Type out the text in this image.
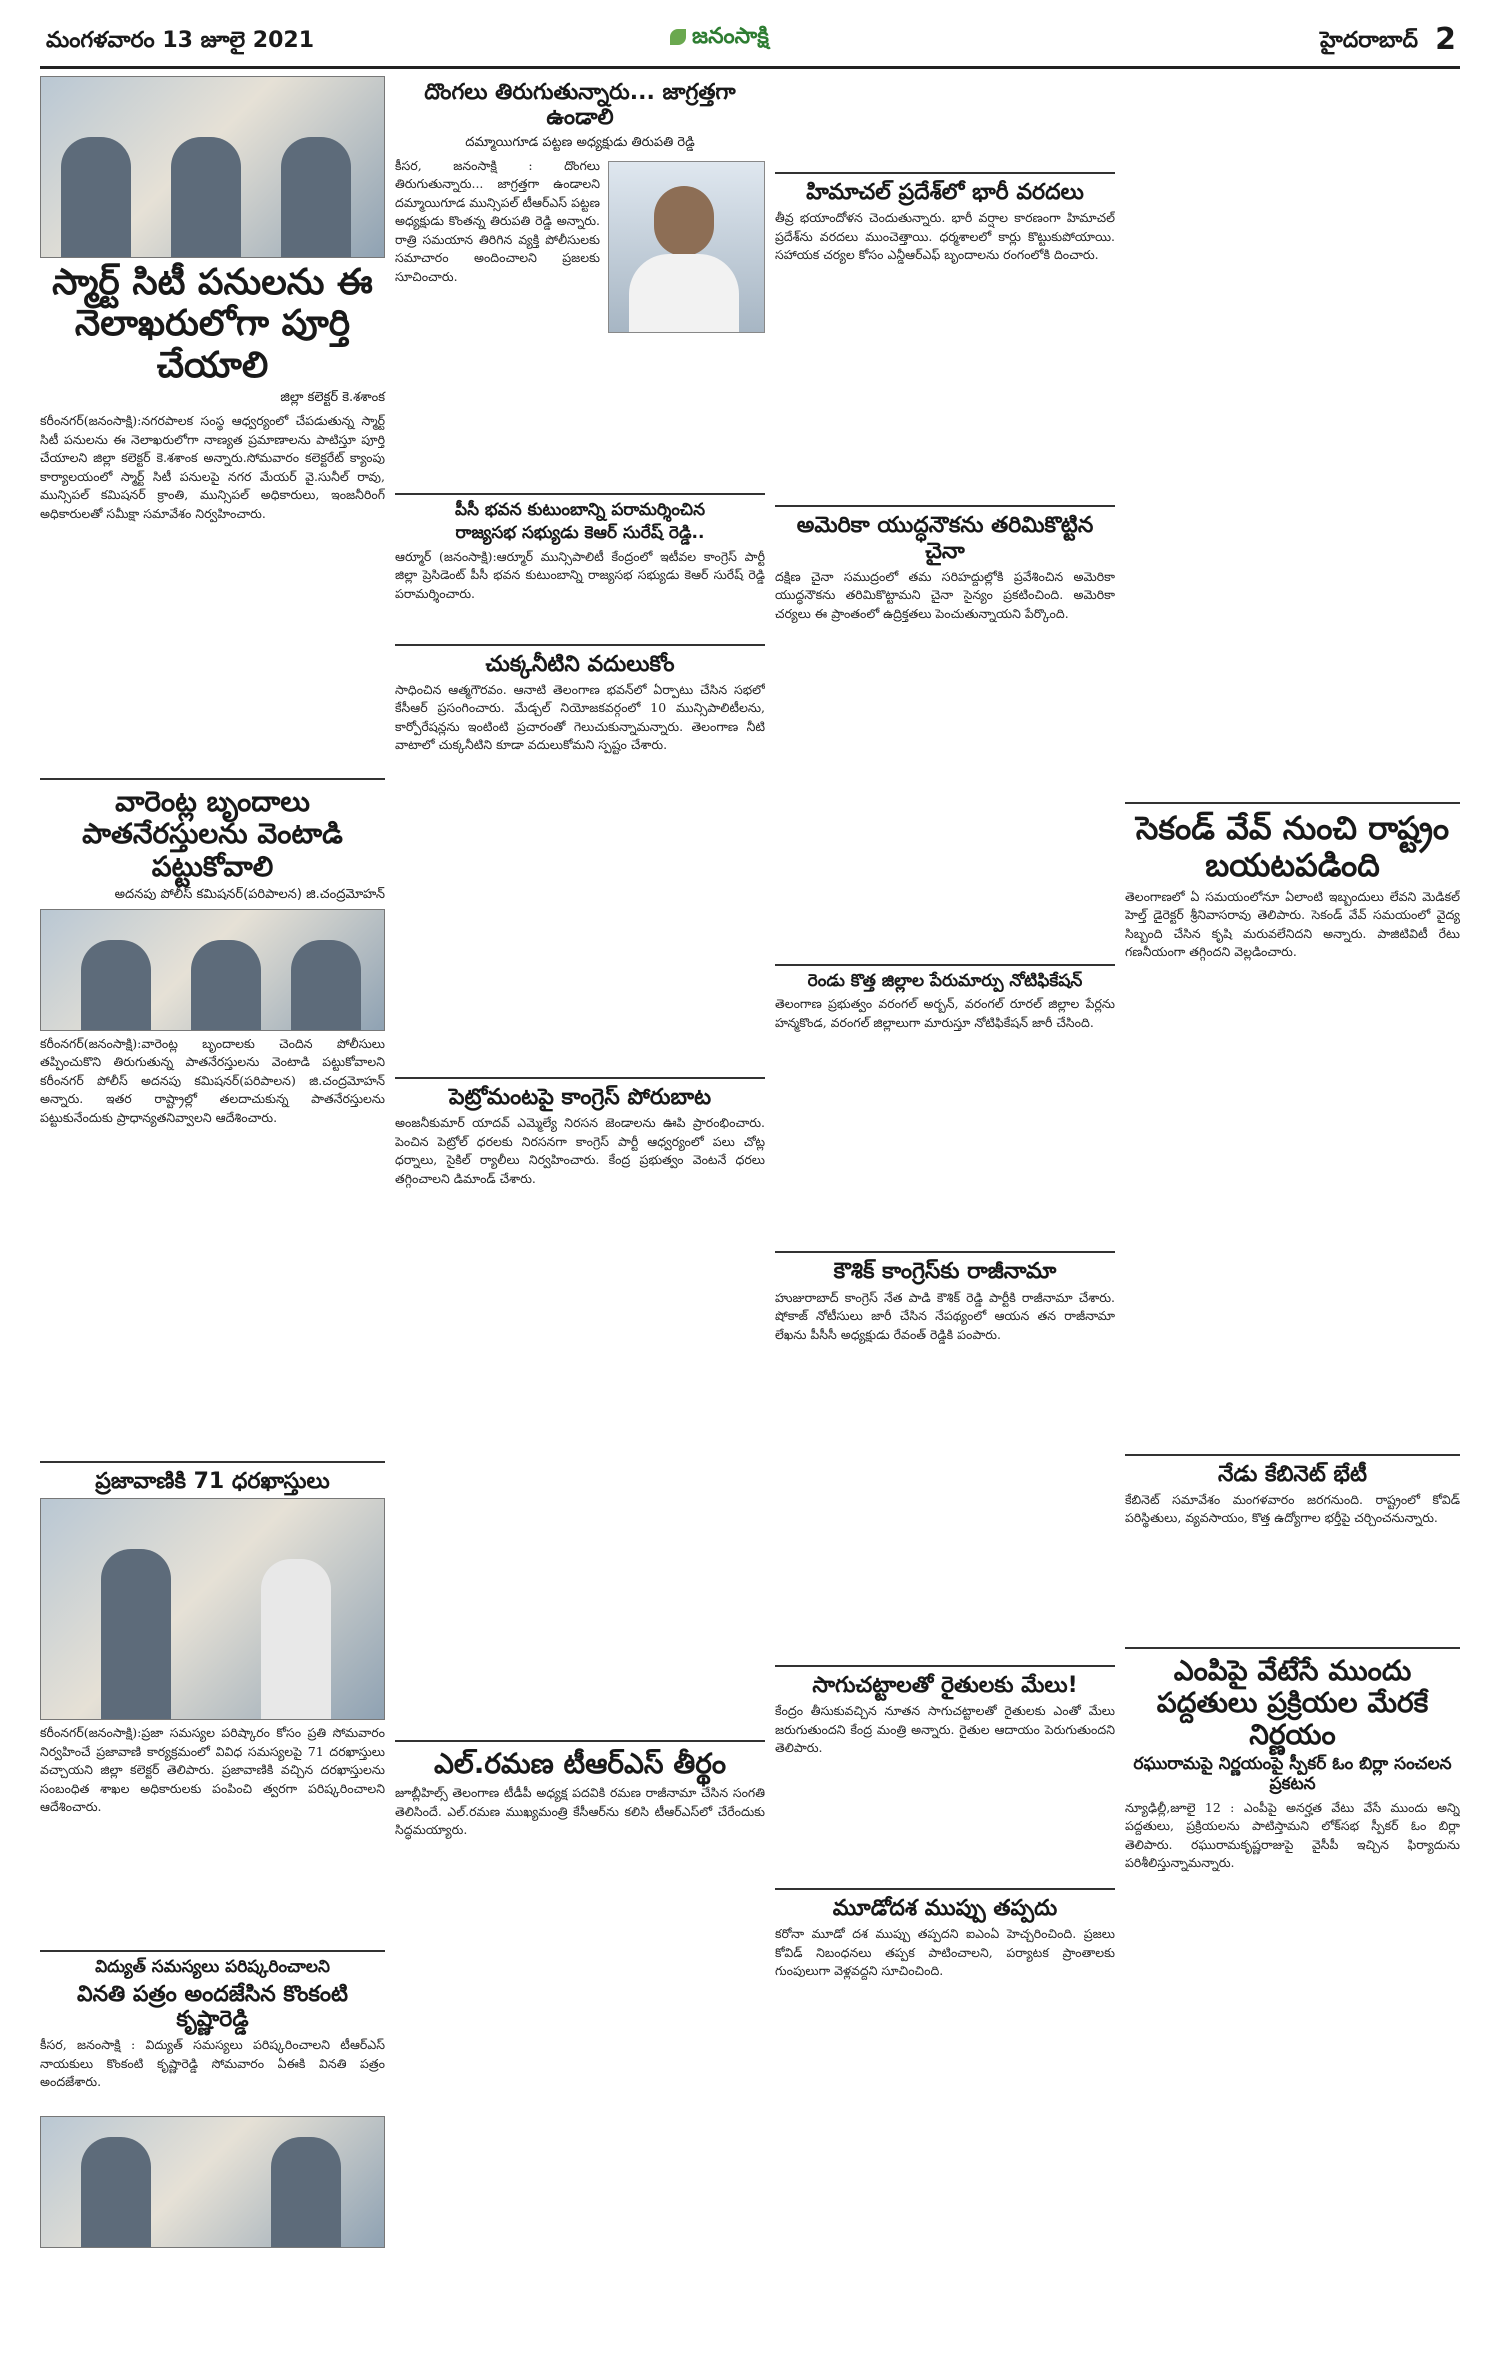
మంగళవారం 13 జూలై 2021	జనంసాక్షి	హైదరాబాద్ 2
స్మార్ట్ సిటీ పనులను ఈ నెలాఖరులోగా పూర్తి చేయాలి
జిల్లా కలెక్టర్ కె.శశాంక
కరీంనగర్(జనంసాక్షి):నగరపాలక సంస్థ ఆధ్వర్యంలో చేపడుతున్న స్మార్ట్ సిటీ పనులను ఈ నెలాఖరులోగా నాణ్యత ప్రమాణాలను పాటిస్తూ పూర్తి చేయాలని జిల్లా కలెక్టర్ కె.శశాంక అన్నారు.సోమవారం కలెక్టరేట్ క్యాంపు కార్యాలయంలో స్మార్ట్ సిటీ పనులపై నగర మేయర్ వై.సునీల్ రావు, మున్సిపల్ కమిషనర్ క్రాంతి, మున్సిపల్ అధికారులు, ఇంజనీరింగ్ అధికారులతో సమీక్షా సమావేశం నిర్వహించారు.
వారెంట్ల బృందాలు పాతనేరస్తులను వెంటాడి పట్టుకోవాలి
అదనపు పోలీస్ కమిషనర్(పరిపాలన) జి.చంద్రమోహన్
కరీంనగర్(జనంసాక్షి):వారెంట్ల బృందాలకు చెందిన పోలీసులు తప్పించుకొని తిరుగుతున్న పాతనేరస్తులను వెంటాడి పట్టుకోవాలని కరీంనగర్ పోలీస్ అదనపు కమిషనర్(పరిపాలన) జి.చంద్రమోహన్ అన్నారు. ఇతర రాష్ట్రాల్లో తలదాచుకున్న పాతనేరస్తులను పట్టుకునేందుకు ప్రాధాన్యతనివ్వాలని ఆదేశించారు.
ప్రజావాణికి 71 ధరఖాస్తులు
కరీంనగర్(జనంసాక్షి):ప్రజా సమస్యల పరిష్కారం కోసం ప్రతి సోమవారం నిర్వహించే ప్రజావాణి కార్యక్రమంలో వివిధ సమస్యలపై 71 దరఖాస్తులు వచ్చాయని జిల్లా కలెక్టర్ తెలిపారు. ప్రజావాణికి వచ్చిన దరఖాస్తులను సంబంధిత శాఖల అధికారులకు పంపించి త్వరగా పరిష్కరించాలని ఆదేశించారు.
విద్యుత్ సమస్యలు పరిష్కరించాలని
వినతి పత్రం అందజేసిన కొంకంటి కృష్ణారెడ్డి
కీసర, జనంసాక్షి : విద్యుత్ సమస్యలు పరిష్కరించాలని టీఆర్ఎస్ నాయకులు కొంకంటి కృష్ణారెడ్డి సోమవారం ఏఈకి వినతి పత్రం అందజేశారు.
దొంగలు తిరుగుతున్నారు... జాగ్రత్తగా ఉండాలి
దమ్మాయిగూడ పట్టణ అధ్యక్షుడు తిరుపతి రెడ్డి
కీసర, జనంసాక్షి : దొంగలు తిరుగుతున్నారు... జాగ్రత్తగా ఉండాలని దమ్మాయిగూడ మున్సిపల్ టీఆర్ఎస్ పట్టణ అధ్యక్షుడు కొంతన్న తిరుపతి రెడ్డి అన్నారు. రాత్రి సమయాన తిరిగిన వ్యక్తి పోలీసులకు సమాచారం అందించాలని ప్రజలకు సూచించారు.
పీసీ భవన కుటుంబాన్ని పరామర్శించిన
రాజ్యసభ సభ్యుడు కెఆర్ సురేష్ రెడ్డి..
ఆర్మూర్ (జనంసాక్షి):ఆర్మూర్ మున్సిపాలిటీ కేంద్రంలో ఇటీవల కాంగ్రెస్ పార్టీ జిల్లా ప్రెసిడెంట్ పీసీ భవన కుటుంబాన్ని రాజ్యసభ సభ్యుడు కెఆర్ సురేష్ రెడ్డి పరామర్శించారు.
చుక్కనీటిని వదులుకోం
సాధించిన ఆత్మగౌరవం. ఆనాటి తెలంగాణ భవన్‌లో ఏర్పాటు చేసిన సభలో కేసీఆర్ ప్రసంగించారు. మేడ్చల్ నియోజకవర్గంలో 10 మున్సిపాలిటీలను, కార్పోరేషన్లను ఇంటింటి ప్రచారంతో గెలుచుకున్నామన్నారు. తెలంగాణ నీటి వాటాలో చుక్కనీటిని కూడా వదులుకోమని స్పష్టం చేశారు.
పెట్రోమంటపై కాంగ్రెస్ పోరుబాట
అంజనీకుమార్ యాదవ్ ఎమ్మెల్యే నిరసన జెండాలను ఊపి ప్రారంభించారు. పెంచిన పెట్రోల్ ధరలకు నిరసనగా కాంగ్రెస్ పార్టీ ఆధ్వర్యంలో పలు చోట్ల ధర్నాలు, సైకిల్ ర్యాలీలు నిర్వహించారు. కేంద్ర ప్రభుత్వం వెంటనే ధరలు తగ్గించాలని డిమాండ్ చేశారు.
ఎల్.రమణ టీఆర్ఎస్ తీర్థం
జూబ్లీహిల్స్ తెలంగాణ టీడీపీ అధ్యక్ష పదవికి రమణ రాజీనామా చేసిన సంగతి తెలిసిందే. ఎల్.రమణ ముఖ్యమంత్రి కేసీఆర్‌ను కలిసి టీఆర్ఎస్‌లో చేరేందుకు సిద్ధమయ్యారు.
హిమాచల్ ప్రదేశ్‌లో భారీ వరదలు
తీవ్ర భయాందోళన చెందుతున్నారు. భారీ వర్షాల కారణంగా హిమాచల్ ప్రదేశ్‌ను వరదలు ముంచెత్తాయి. ధర్మశాలలో కార్లు కొట్టుకుపోయాయి. సహాయక చర్యల కోసం ఎన్డీఆర్ఎఫ్ బృందాలను రంగంలోకి దించారు.
అమెరికా యుద్ధనౌకను తరిమికొట్టిన చైనా
దక్షిణ చైనా సముద్రంలో తమ సరిహద్దుల్లోకి ప్రవేశించిన అమెరికా యుద్ధనౌకను తరిమికొట్టామని చైనా సైన్యం ప్రకటించింది. అమెరికా చర్యలు ఈ ప్రాంతంలో ఉద్రిక్తతలు పెంచుతున్నాయని పేర్కొంది.
రెండు కొత్త జిల్లాల పేరుమార్పు నోటిఫికేషన్
తెలంగాణ ప్రభుత్వం వరంగల్ అర్బన్, వరంగల్ రూరల్ జిల్లాల పేర్లను హన్మకొండ, వరంగల్ జిల్లాలుగా మారుస్తూ నోటిఫికేషన్ జారీ చేసింది.
కౌశిక్ కాంగ్రెస్‌కు రాజీనామా
హుజురాబాద్ కాంగ్రెస్ నేత పాడి కౌశిక్ రెడ్డి పార్టీకి రాజీనామా చేశారు. షోకాజ్ నోటీసులు జారీ చేసిన నేపథ్యంలో ఆయన తన రాజీనామా లేఖను పీసీసీ అధ్యక్షుడు రేవంత్ రెడ్డికి పంపారు.
సాగుచట్టాలతో రైతులకు మేలు!
కేంద్రం తీసుకువచ్చిన నూతన సాగుచట్టాలతో రైతులకు ఎంతో మేలు జరుగుతుందని కేంద్ర మంత్రి అన్నారు. రైతుల ఆదాయం పెరుగుతుందని తెలిపారు.
మూడోదశ ముప్పు తప్పదు
కరోనా మూడో దశ ముప్పు తప్పదని ఐఎంఏ హెచ్చరించింది. ప్రజలు కోవిడ్ నిబంధనలు తప్పక పాటించాలని, పర్యాటక ప్రాంతాలకు గుంపులుగా వెళ్లవద్దని సూచించింది.
సెకండ్ వేవ్ నుంచి రాష్ట్రం బయటపడింది
తెలంగాణలో ఏ సమయంలోనూ ఏలాంటి ఇబ్బందులు లేవని మెడికల్ హెల్త్ డైరెక్టర్ శ్రీనివాసరావు తెలిపారు. సెకండ్ వేవ్ సమయంలో వైద్య సిబ్బంది చేసిన కృషి మరువలేనిదని అన్నారు. పాజిటివిటీ రేటు గణనీయంగా తగ్గిందని వెల్లడించారు.
నేడు కేబినెట్ భేటీ
కేబినెట్ సమావేశం మంగళవారం జరగనుంది. రాష్ట్రంలో కోవిడ్ పరిస్థితులు, వ్యవసాయం, కొత్త ఉద్యోగాల భర్తీపై చర్చించనున్నారు.
ఎంపిపై వేటేసే ముందు పద్దతులు ప్రక్రియల మేరకే నిర్ణయం
రఘురామపై నిర్ణయంపై స్పీకర్ ఓం బిర్లా సంచలన ప్రకటన
న్యూఢిల్లీ,జూలై 12 : ఎంపీపై అనర్హత వేటు వేసే ముందు అన్ని పద్దతులు, ప్రక్రియలను పాటిస్తామని లోక్‌సభ స్పీకర్ ఓం బిర్లా తెలిపారు. రఘురామకృష్ణరాజుపై వైసీపీ ఇచ్చిన ఫిర్యాదును పరిశీలిస్తున్నామన్నారు.
